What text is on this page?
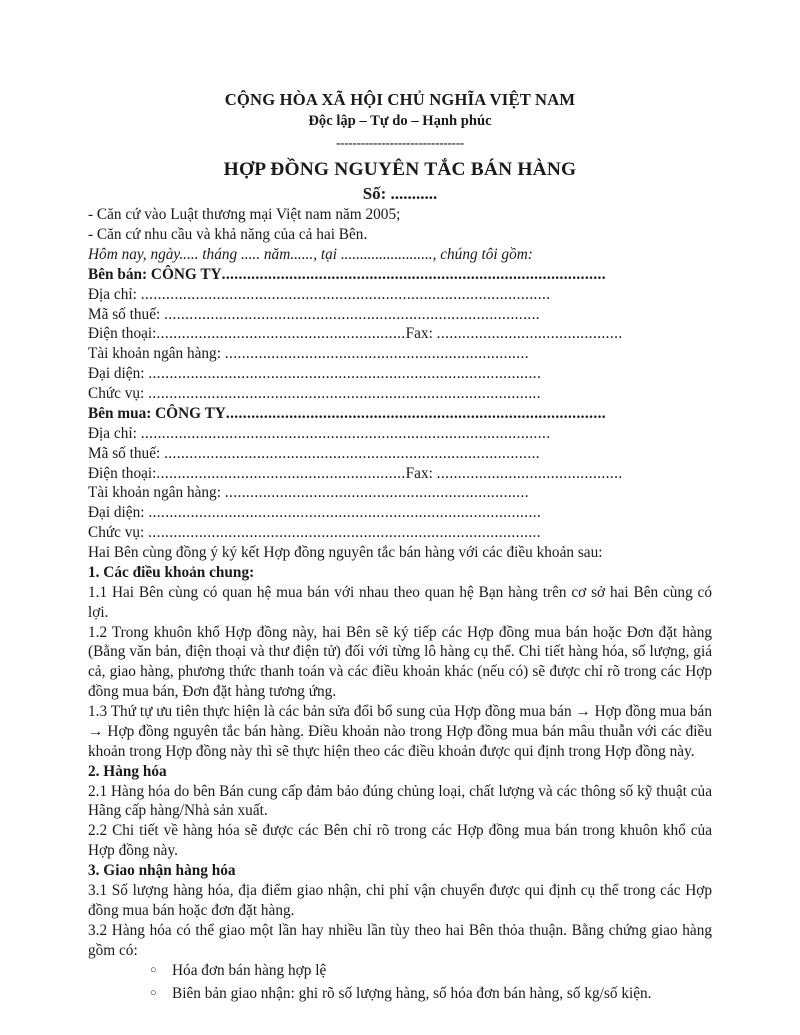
CỘNG HÒA XÃ HỘI CHỦ NGHĨA VIỆT NAM
Độc lập – Tự do – Hạnh phúc
-------------------------------
HỢP ĐỒNG NGUYÊN TẮC BÁN HÀNG
Số: ...........
- Căn cứ vào Luật thương mại Việt nam năm 2005;
- Căn cứ nhu cầu và khả năng của cả hai Bên.
Hôm nay, ngày..... tháng ..... năm......, tại ........................, chúng tôi gồm:
Bên bán: CÔNG TY...........................................................................................
Địa chỉ: .................................................................................................
Mã số thuế: .........................................................................................
Điện thoại:...........................................................Fax: ............................................
Tài khoản ngân hàng: ........................................................................
Đại diện: .............................................................................................
Chức vụ: .............................................................................................
Bên mua: CÔNG TY..........................................................................................
Địa chỉ: .................................................................................................
Mã số thuế: .........................................................................................
Điện thoại:...........................................................Fax: ............................................
Tài khoản ngân hàng: ........................................................................
Đại diện: .............................................................................................
Chức vụ: .............................................................................................
Hai Bên cùng đồng ý ký kết Hợp đồng nguyên tắc bán hàng với các điều khoản sau:
1. Các điều khoản chung:

1.1 Hai Bên cùng có quan hệ mua bán với nhau theo quan hệ Bạn hàng trên cơ sở hai Bên cùng có lợi.

1.2 Trong khuôn khổ Hợp đồng này, hai Bên sẽ ký tiếp các Hợp đồng mua bán hoặc Đơn đặt hàng (Bằng văn bản, điện thoại và thư điện tử) đối với từng lô hàng cụ thể. Chi tiết hàng hóa, số lượng, giá cả, giao hàng, phương thức thanh toán và các điều khoản khác (nếu có) sẽ được chỉ rõ trong các Hợp đồng mua bán, Đơn đặt hàng tương ứng.

1.3 Thứ tự ưu tiên thực hiện là các bản sửa đổi bổ sung của Hợp đồng mua bán → Hợp đồng mua bán → Hợp đồng nguyên tắc bán hàng. Điều khoản nào trong Hợp đồng mua bán mâu thuẫn với các điều khoản trong Hợp đồng này thì sẽ thực hiện theo các điều khoản được qui định trong Hợp đồng này.

2. Hàng hóa

2.1 Hàng hóa do bên Bán cung cấp đảm bảo đúng chủng loại, chất lượng và các thông số kỹ thuật của Hãng cấp hàng/Nhà sản xuất.

2.2 Chi tiết về hàng hóa sẽ được các Bên chỉ rõ trong các Hợp đồng mua bán trong khuôn khổ của Hợp đồng này.

3. Giao nhận hàng hóa

3.1 Số lượng hàng hóa, địa điểm giao nhận, chi phí vận chuyển được qui định cụ thể trong các Hợp đồng mua bán hoặc đơn đặt hàng.

3.2 Hàng hóa có thể giao một lần hay nhiều lần tùy theo hai Bên thỏa thuận. Bằng chứng giao hàng gồm có:

○ Hóa đơn bán hàng hợp lệ
○ Biên bản giao nhận: ghi rõ số lượng hàng, số hóa đơn bán hàng, số kg/số kiện.
